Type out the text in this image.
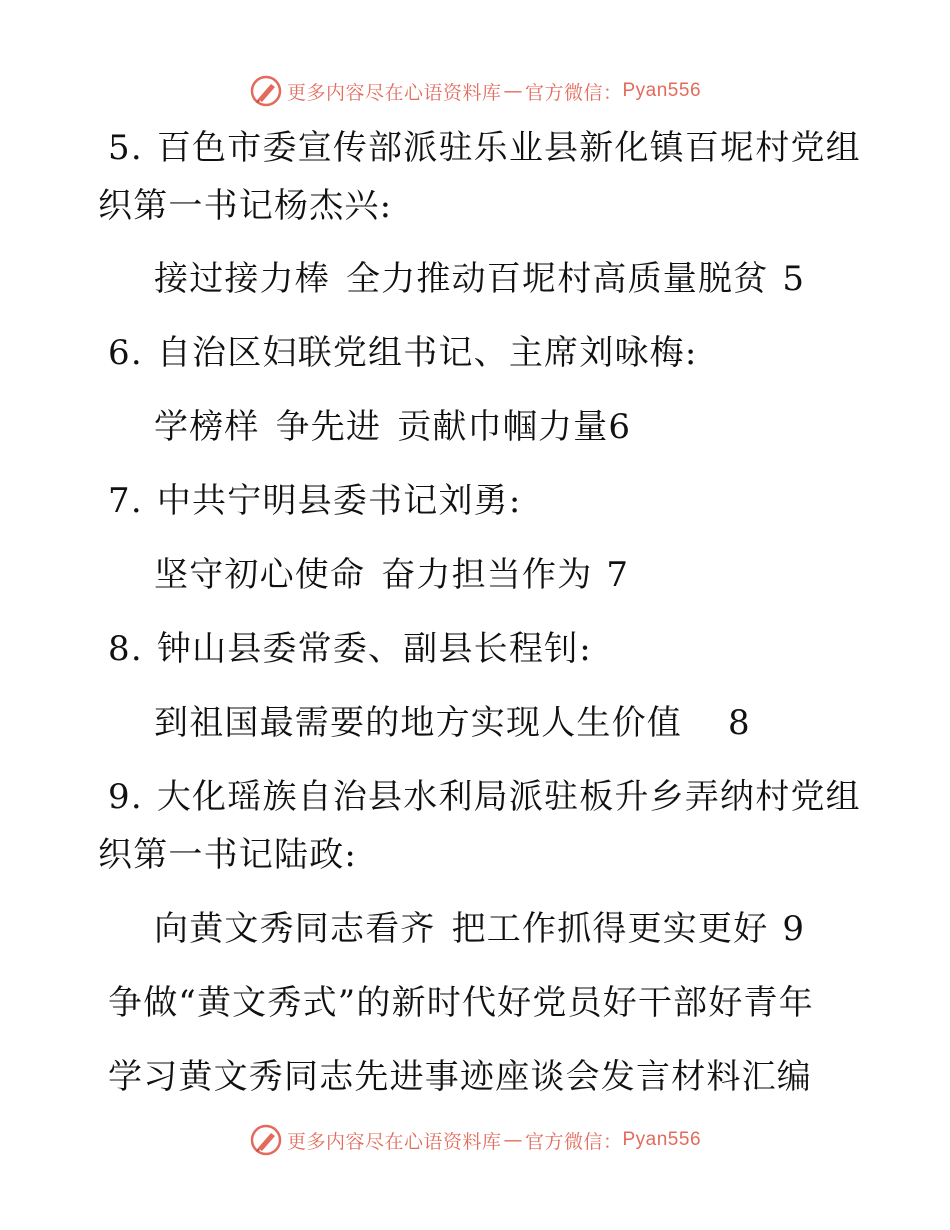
更多内容尽在心语资料库 — 官方微信： Pyan556
5. 百色市委宣传部派驻乐业县新化镇百坭村党组
织第一书记杨杰兴:
接过接力棒 全力推动百坭村高质量脱贫 5
6. 自治区妇联党组书记、主席刘咏梅:
学榜样 争先进 贡献巾帼力量6
7. 中共宁明县委书记刘勇:
坚守初心使命 奋力担当作为 7
8. 钟山县委常委、副县长程钊:
到祖国最需要的地方实现人生价值 8
9. 大化瑶族自治县水利局派驻板升乡弄纳村党组
织第一书记陆政:
向黄文秀同志看齐 把工作抓得更实更好 9
争做“黄文秀式”的新时代好党员好干部好青年
学习黄文秀同志先进事迹座谈会发言材料汇编
更多内容尽在心语资料库 — 官方微信： Pyan556
